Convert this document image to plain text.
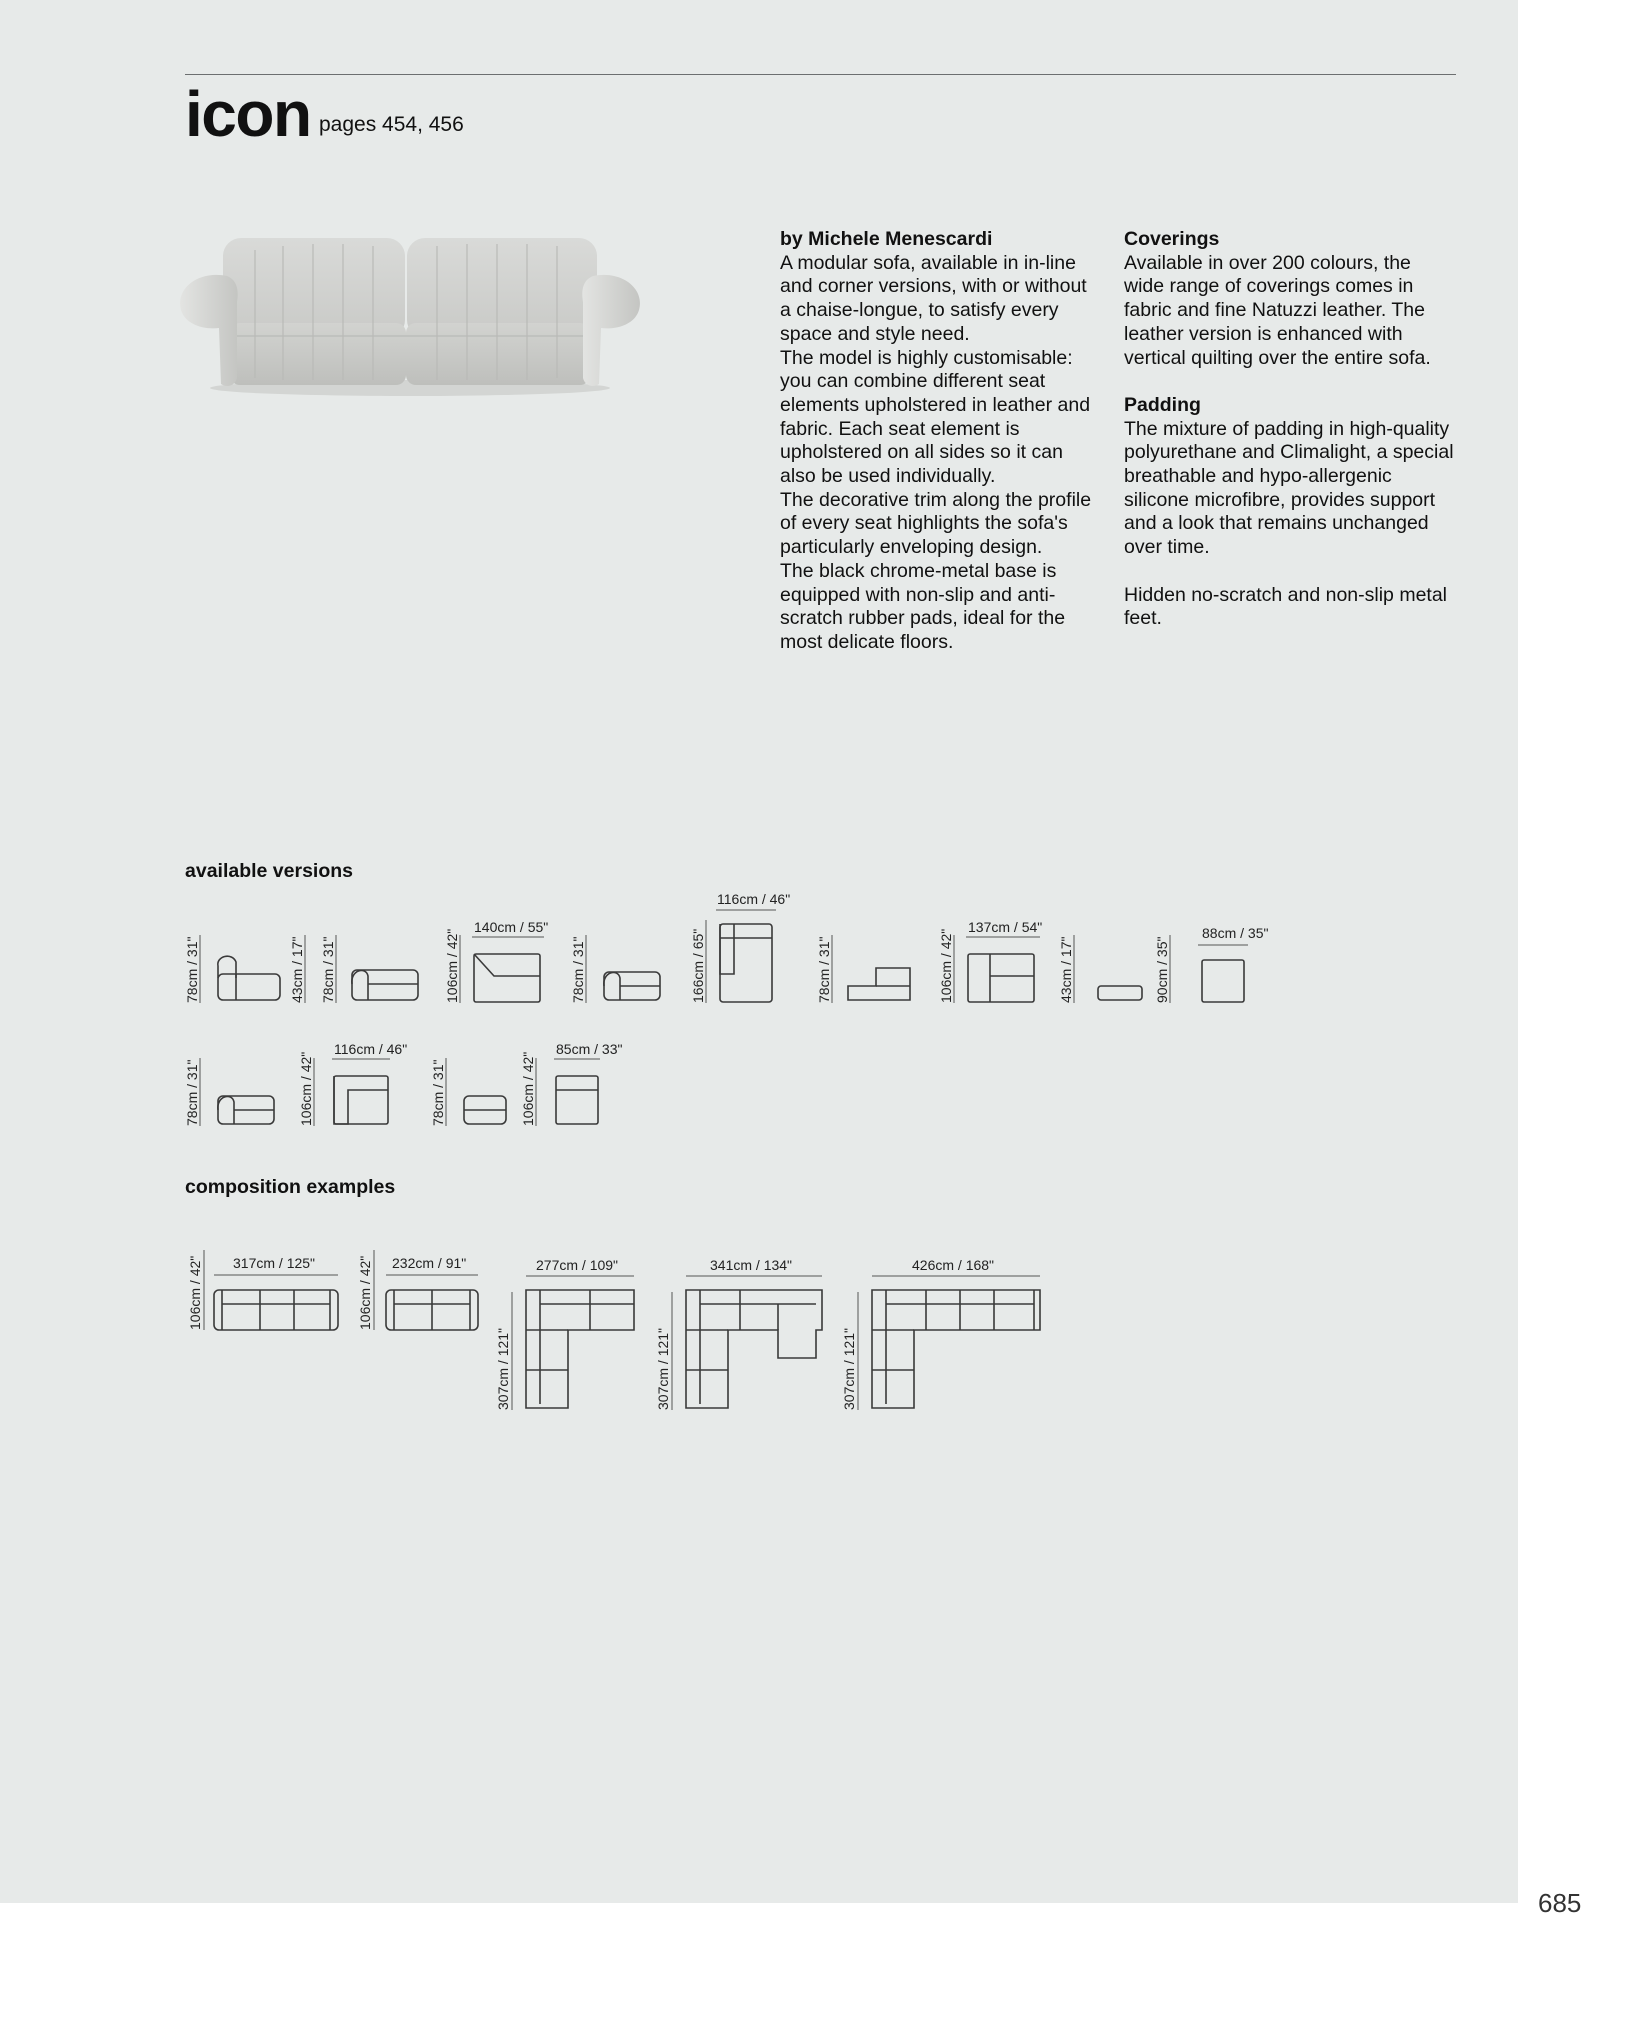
icon pages 454, 456

by Michele Menescardi

A modular sofa, available in in-line and corner versions, with or without a chaise-longue, to satisfy every space and style need.

The model is highly customisable: you can combine different seat elements upholstered in leather and fabric. Each seat element is upholstered on all sides so it can also be used individually.

The decorative trim along the profile of every seat highlights the sofa's particularly enveloping design.

The black chrome-metal base is equipped with non-slip and anti-scratch rubber pads, ideal for the most delicate floors.

Coverings

Available in over 200 colours, the wide range of coverings comes in fabric and fine Natuzzi leather. The leather version is enhanced with vertical quilting over the entire sofa.

Padding

The mixture of padding in high-quality polyurethane and Climalight, a special breathable and hypo-allergenic silicone microfibre, provides support and a look that remains unchanged over time.

Hidden no-scratch and non-slip metal feet.

available versions
composition examples
78cm / 31"	43cm / 17" 78cm / 31"	106cm / 42"
140cm / 55"
78cm / 31"	166cm / 65"
116cm / 46"
78cm / 31"	106cm / 42"
137cm / 54"
43cm / 17"	90cm / 35"
88cm / 35"
78cm / 31"	106cm / 42"
116cm / 46"
78cm / 31"	106cm / 42"
85cm / 33"
106cm / 42" 317cm / 125"	106cm / 42" 232cm / 91"
307cm / 121"
277cm / 109"
307cm / 121"
341cm / 134"
307cm / 121"
426cm / 168"
685
